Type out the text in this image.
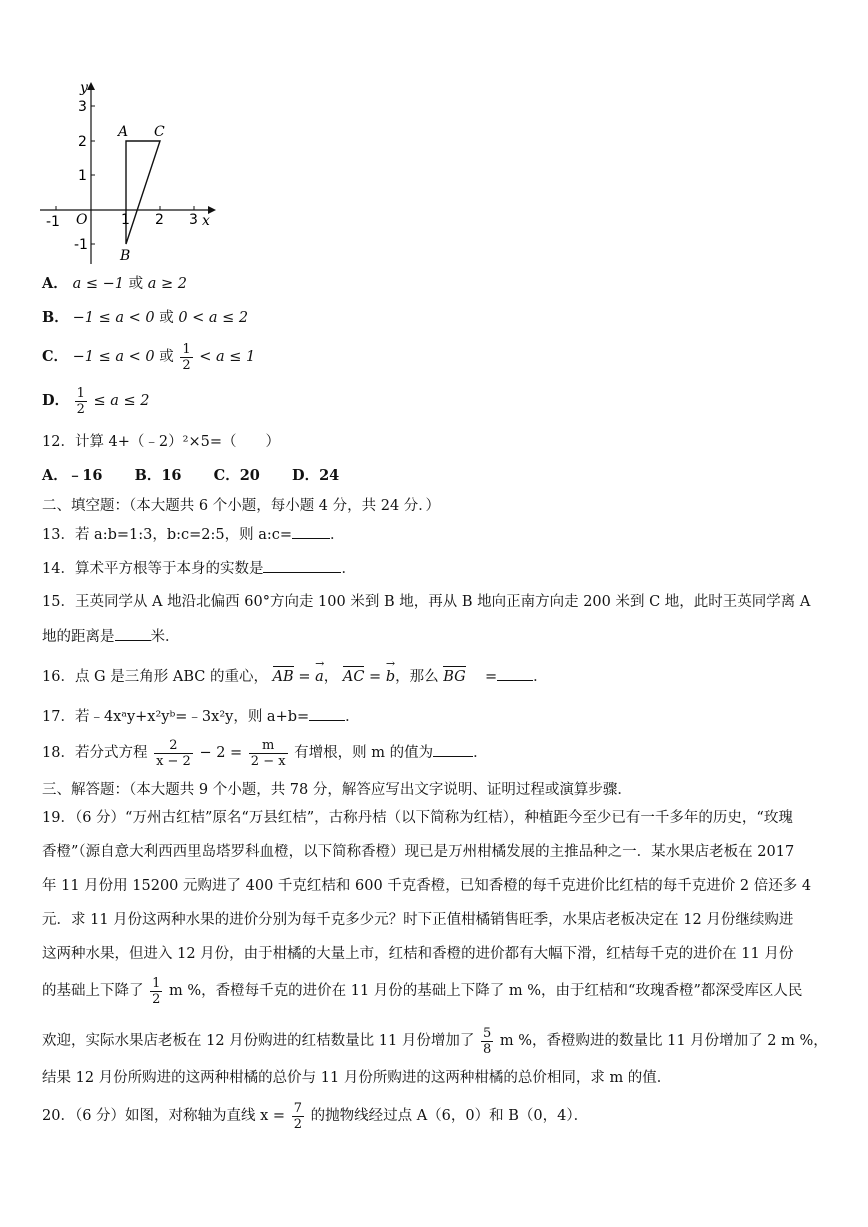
-1 O 1 2 3 x
3
2
1
-1
y
A C
B
A． a ≤ −1 或 a ≥ 2
B． −1 ≤ a < 0 或 0 < a ≤ 2
C． −1 ≤ a < 0 或 $\frac{1}{2} < a \le 1$
D． $\frac{1}{2} \le a \le 2$
12．计算 4+（﹣2）²×5=（　　）
A．﹣16 B．16 C．20 D．24
二、填空题：（本大题共 6 个小题，每小题 4 分，共 24 分．）
13．若 a:b=1:3，b:c=2:5，则 a:c=	．
14．算术平方根等于本身的实数是	．
15．王英同学从 A 地沿北偏西 60°方向走 100 米到 B 地，再从 B 地向正南方向走 200 米到 C 地，此时王英同学离 A
地的距离是 米．
16．点 G 是三角形 ABC 的重心， AB = → a， AC = → b，那么 BG = ．
17．若﹣4xᵃy+x²yᵇ=﹣3x²y，则 a+b= ．
18．若分式方程 $\frac{2}{x - 2} - 2 = \frac{m}{2 - x}$ 有增根，则 m 的值为	．
三、解答题：（本大题共 9 个小题，共 78 分，解答应写出文字说明、证明过程或演算步骤．
19．（6 分）“万州古红桔”原名“万县红桔”，古称丹桔（以下简称为红桔），种植距今至少已有一千多年的历史，“玫瑰
香橙”（源自意大利西西里岛塔罗科血橙，以下简称香橙）现已是万州柑橘发展的主推品种之一．某水果店老板在 2017
年 11 月份用 15200 元购进了 400 千克红桔和 600 千克香橙，已知香橙的每千克进价比红桔的每千克进价 2 倍还多 4
元．求 11 月份这两种水果的进价分别为每千克多少元？时下正值柑橘销售旺季，水果店老板决定在 12 月份继续购进
这两种水果，但进入 12 月份，由于柑橘的大量上市，红桔和香橙的进价都有大幅下滑，红桔每千克的进价在 11 月份
的基础上下降了 $\frac{1}{2}$ m %，香橙每千克的进价在 11 月份的基础上下降了 m %，由于红桔和“玫瑰香橙”都深受库区人民
欢迎，实际水果店老板在 12 月份购进的红桔数量比 11 月份增加了 $\frac{5}{8}$ m %，香橙购进的数量比 11 月份增加了 2 m %，
结果 12 月份所购进的这两种柑橘的总价与 11 月份所购进的这两种柑橘的总价相同，求 m 的值．
20．（6 分）如图，对称轴为直线 $x = \frac{7}{2}$ 的抛物线经过点 A（6，0）和 B（0，4）．
